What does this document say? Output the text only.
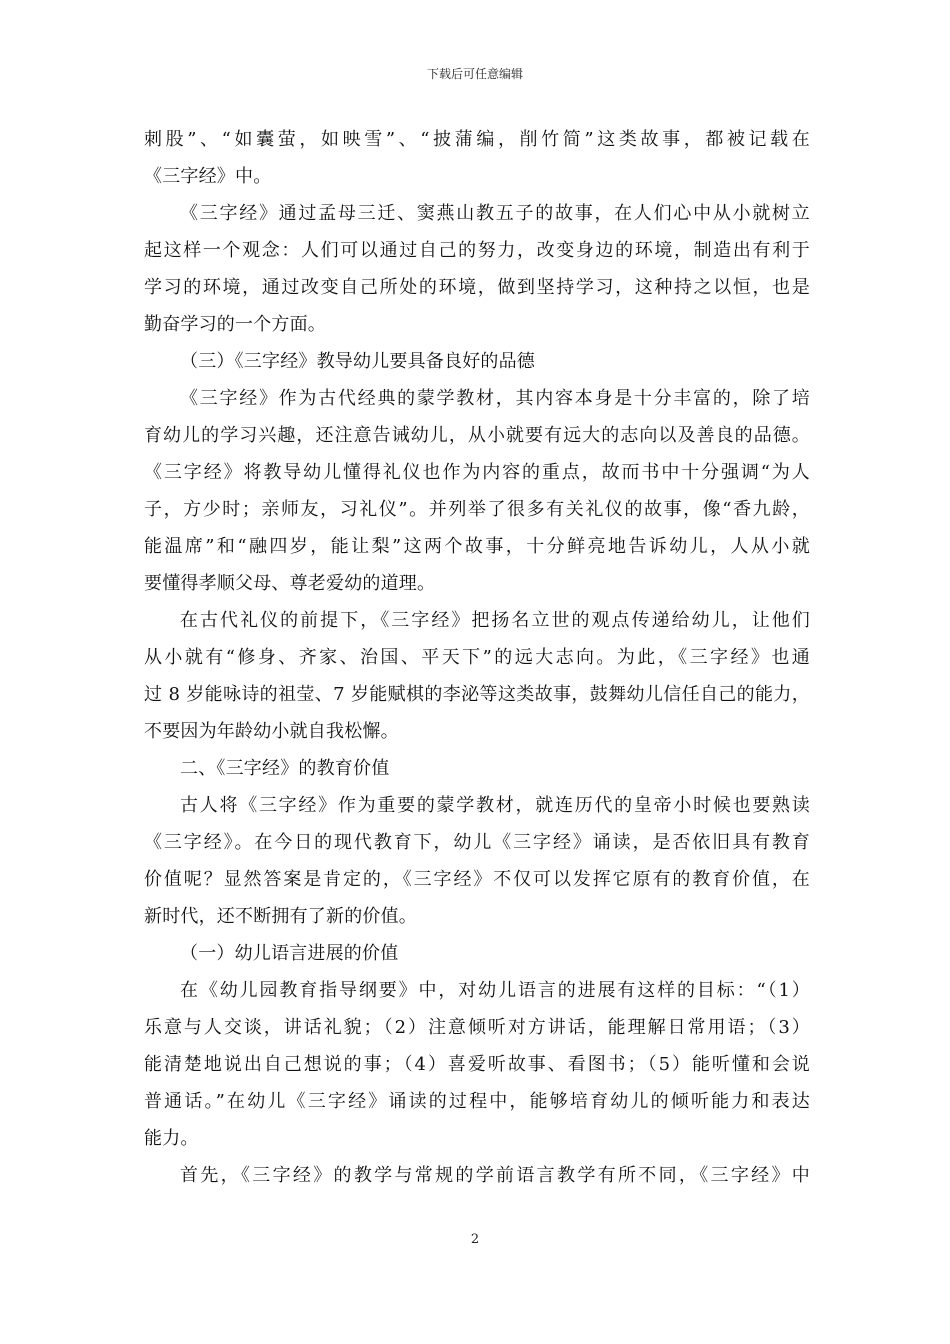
下载后可任意编辑
刺股”、“如囊萤，如映雪”、“披蒲编，削竹简”这类故事，都被记载在
《三字经》中。
《三字经》通过孟母三迁、窦燕山教五子的故事，在人们心中从小就树立
起这样一个观念：人们可以通过自己的努力，改变身边的环境，制造出有利于
学习的环境，通过改变自己所处的环境，做到坚持学习，这种持之以恒，也是
勤奋学习的一个方面。
（三）《三字经》教导幼儿要具备良好的品德
《三字经》作为古代经典的蒙学教材，其内容本身是十分丰富的，除了培
育幼儿的学习兴趣，还注意告诫幼儿，从小就要有远大的志向以及善良的品德。
《三字经》将教导幼儿懂得礼仪也作为内容的重点，故而书中十分强调“为人
子，方少时；亲师友，习礼仪”。并列举了很多有关礼仪的故事，像“香九龄，
能温席”和“融四岁，能让梨”这两个故事，十分鲜亮地告诉幼儿，人从小就
要懂得孝顺父母、尊老爱幼的道理。
在古代礼仪的前提下，《三字经》把扬名立世的观点传递给幼儿，让他们
从小就有“修身、齐家、治国、平天下”的远大志向。为此，《三字经》也通
过 8 岁能咏诗的祖莹、7 岁能赋棋的李泌等这类故事，鼓舞幼儿信任自己的能力，
不要因为年龄幼小就自我松懈。
二、《三字经》的教育价值
古人将《三字经》作为重要的蒙学教材，就连历代的皇帝小时候也要熟读
《三字经》。在今日的现代教育下，幼儿《三字经》诵读，是否依旧具有教育
价值呢？显然答案是肯定的，《三字经》不仅可以发挥它原有的教育价值，在
新时代，还不断拥有了新的价值。
（一）幼儿语言进展的价值
在《幼儿园教育指导纲要》中，对幼儿语言的进展有这样的目标：“（1）
乐意与人交谈，讲话礼貌；（2）注意倾听对方讲话，能理解日常用语；（3）
能清楚地说出自己想说的事；（4）喜爱听故事、看图书；（5）能听懂和会说
普通话。”在幼儿《三字经》诵读的过程中，能够培育幼儿的倾听能力和表达
能力。
首先，《三字经》的教学与常规的学前语言教学有所不同，《三字经》中
2
